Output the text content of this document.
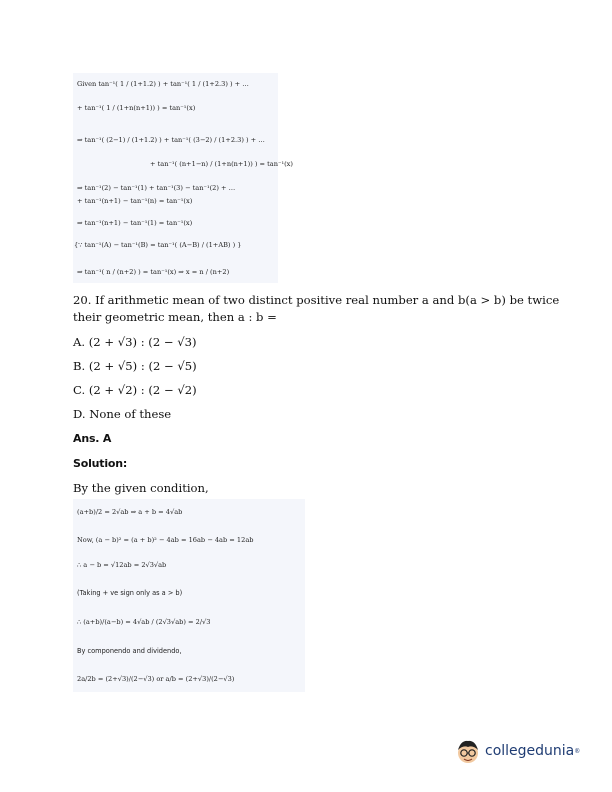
Given tan⁻¹( 1 / (1+1.2) ) + tan⁻¹( 1 / (1+2.3) ) + …
+ tan⁻¹( 1 / (1+n(n+1)) ) = tan⁻¹(x)
⇒ tan⁻¹( (2−1) / (1+1.2) ) + tan⁻¹( (3−2) / (1+2.3) ) + …
+ tan⁻¹( (n+1−n) / (1+n(n+1)) ) = tan⁻¹(x)
⇒ tan⁻¹(2) − tan⁻¹(1) + tan⁻¹(3) − tan⁻¹(2) + …
+ tan⁻¹(n+1) − tan⁻¹(n) = tan⁻¹(x)
⇒ tan⁻¹(n+1) − tan⁻¹(1) = tan⁻¹(x)
{∵ tan⁻¹(A) − tan⁻¹(B) = tan⁻¹( (A−B) / (1+AB) ) }
⇒ tan⁻¹( n / (n+2) ) = tan⁻¹(x) ⇒ x = n / (n+2)
20. If arithmetic mean of two distinct positive real number a and b(a > b) be twice
their geometric mean, then a : b =
A. (2 + √3) : (2 − √3)
B. (2 + √5) : (2 − √5)
C. (2 + √2) : (2 − √2)
D. None of these
Ans. A
Solution:
By the given condition,
(a+b)/2 = 2√ab ⇒ a + b = 4√ab
Now, (a − b)² = (a + b)² − 4ab = 16ab − 4ab = 12ab
∴ a − b = √12ab = 2√3√ab
(Taking + ve sign only as a > b)
∴ (a+b)/(a−b) = 4√ab / (2√3√ab) = 2/√3
By componendo and dividendo,
2a/2b = (2+√3)/(2−√3) or a/b = (2+√3)/(2−√3)
collegedunia ®
